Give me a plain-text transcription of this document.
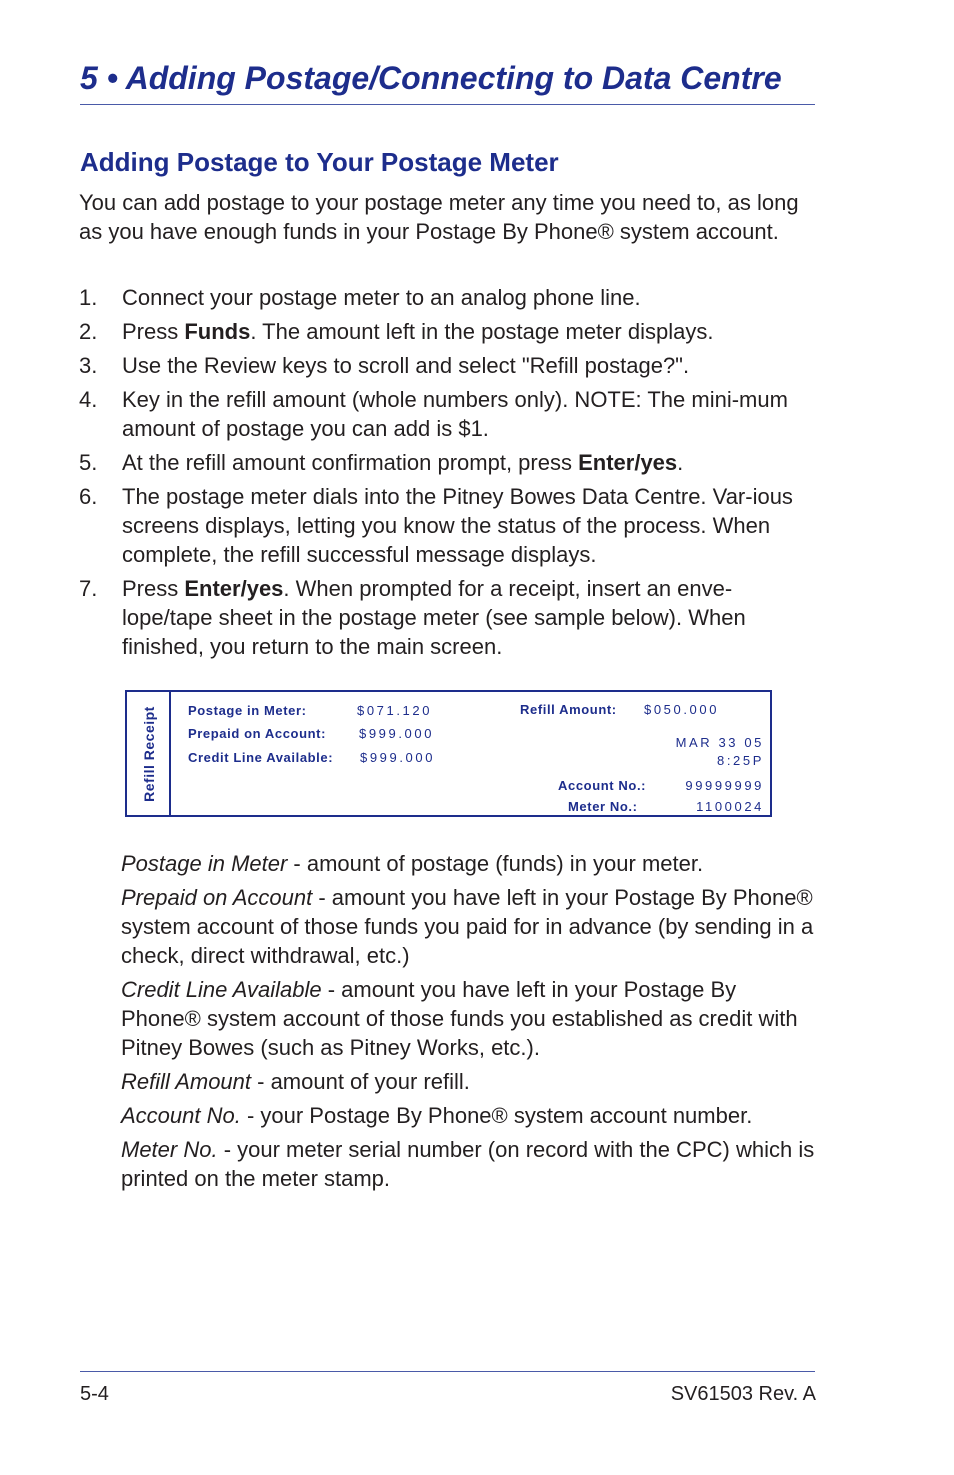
5 • Adding Postage/Connecting to Data Centre
Adding Postage to Your Postage Meter
You can add postage to your postage meter any time you need to, as long as you have enough funds in your Postage By Phone® system account.
1. Connect your postage meter to an analog phone line.
2. Press Funds. The amount left in the postage meter displays.
3. Use the Review keys to scroll and select "Refill postage?".
4. Key in the refill amount (whole numbers only). NOTE: The mini-mum amount of postage you can add is $1.
5. At the refill amount confirmation prompt, press Enter/yes.
6. The postage meter dials into the Pitney Bowes Data Centre. Var-ious screens displays, letting you know the status of the process. When complete, the refill successful message displays.
7. Press Enter/yes. When prompted for a receipt, insert an enve-lope/tape sheet in the postage meter (see sample below). When finished, you return to the main screen.
Refill Receipt Postage in Meter:	$071.120
Prepaid on Account:	$999.000
Credit Line Available: $999.000
Refill Amount: $050.000
MAR 33 05
8:25P
Account No.:	99999999
Meter No.:	1100024
Postage in Meter - amount of postage (funds) in your meter.
Prepaid on Account - amount you have left in your Postage By Phone® system account of those funds you paid for in advance (by sending in a check, direct withdrawal, etc.)
Credit Line Available - amount you have left in your Postage By Phone® system account of those funds you established as credit with Pitney Bowes (such as Pitney Works, etc.).
Refill Amount - amount of your refill.
Account No. - your Postage By Phone® system account number.
Meter No. - your meter serial number (on record with the CPC) which is printed on the meter stamp.
5-4	SV61503 Rev. A
